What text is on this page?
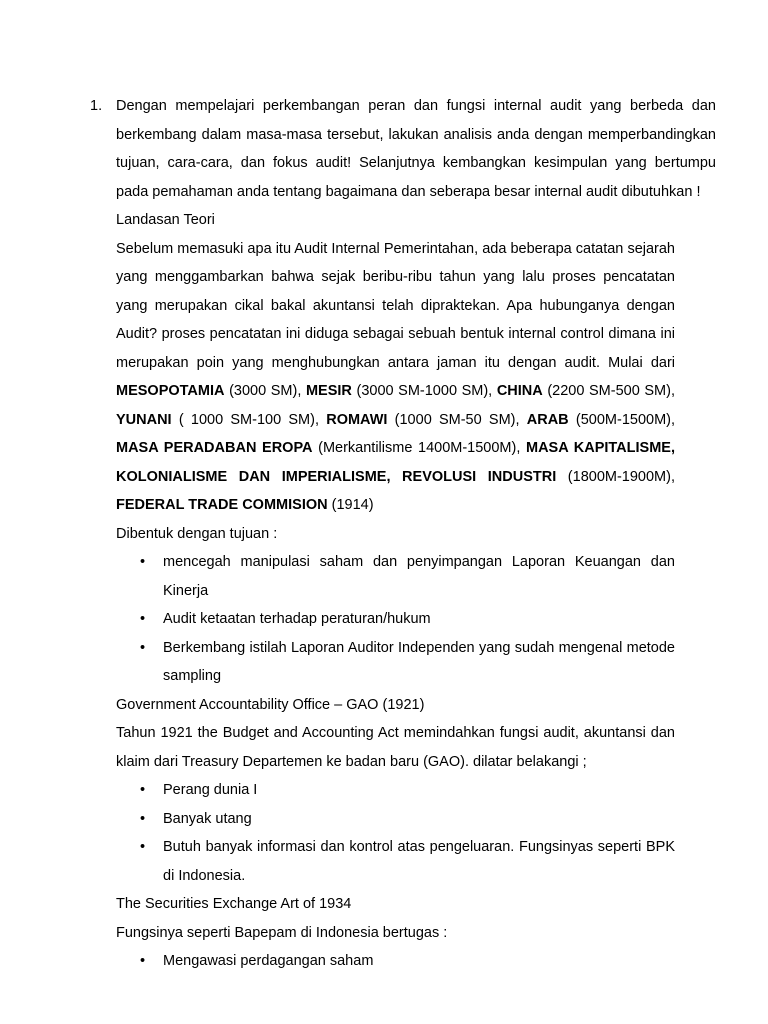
1. Dengan mempelajari perkembangan peran dan fungsi internal audit yang berbeda dan berkembang dalam masa-masa tersebut, lakukan analisis anda dengan memperbandingkan tujuan, cara-cara, dan fokus audit! Selanjutnya kembangkan kesimpulan yang bertumpu pada pemahaman anda tentang bagaimana dan seberapa besar internal audit dibutuhkan !

Landasan Teori

Sebelum memasuki apa itu Audit Internal Pemerintahan, ada beberapa catatan sejarah yang menggambarkan bahwa sejak beribu-ribu tahun yang lalu proses pencatatan yang merupakan cikal bakal akuntansi telah dipraktekan. Apa hubunganya dengan Audit? proses pencatatan ini diduga sebagai sebuah bentuk internal control dimana ini merupakan poin yang menghubungkan antara jaman itu dengan audit. Mulai dari MESOPOTAMIA (3000 SM), MESIR (3000 SM-1000 SM), CHINA (2200 SM-500 SM), YUNANI ( 1000 SM-100 SM), ROMAWI (1000 SM-50 SM), ARAB (500M-1500M), MASA PERADABAN EROPA (Merkantilisme 1400M-1500M), MASA KAPITALISME, KOLONIALISME DAN IMPERIALISME, REVOLUSI INDUSTRI (1800M-1900M), FEDERAL TRADE COMMISION (1914)

Dibentuk dengan tujuan :

• mencegah manipulasi saham dan penyimpangan Laporan Keuangan dan Kinerja
• Audit ketaatan terhadap peraturan/hukum
• Berkembang istilah Laporan Auditor Independen yang sudah mengenal metode sampling

Government Accountability Office – GAO (1921)

Tahun 1921 the Budget and Accounting Act memindahkan fungsi audit, akuntansi dan klaim dari Treasury Departemen ke badan baru (GAO). dilatar belakangi ;

• Perang dunia I
• Banyak utang
• Butuh banyak informasi dan kontrol atas pengeluaran. Fungsinyas seperti BPK di Indonesia.

The Securities Exchange Art of 1934

Fungsinya seperti Bapepam di Indonesia bertugas :

• Mengawasi perdagangan saham
